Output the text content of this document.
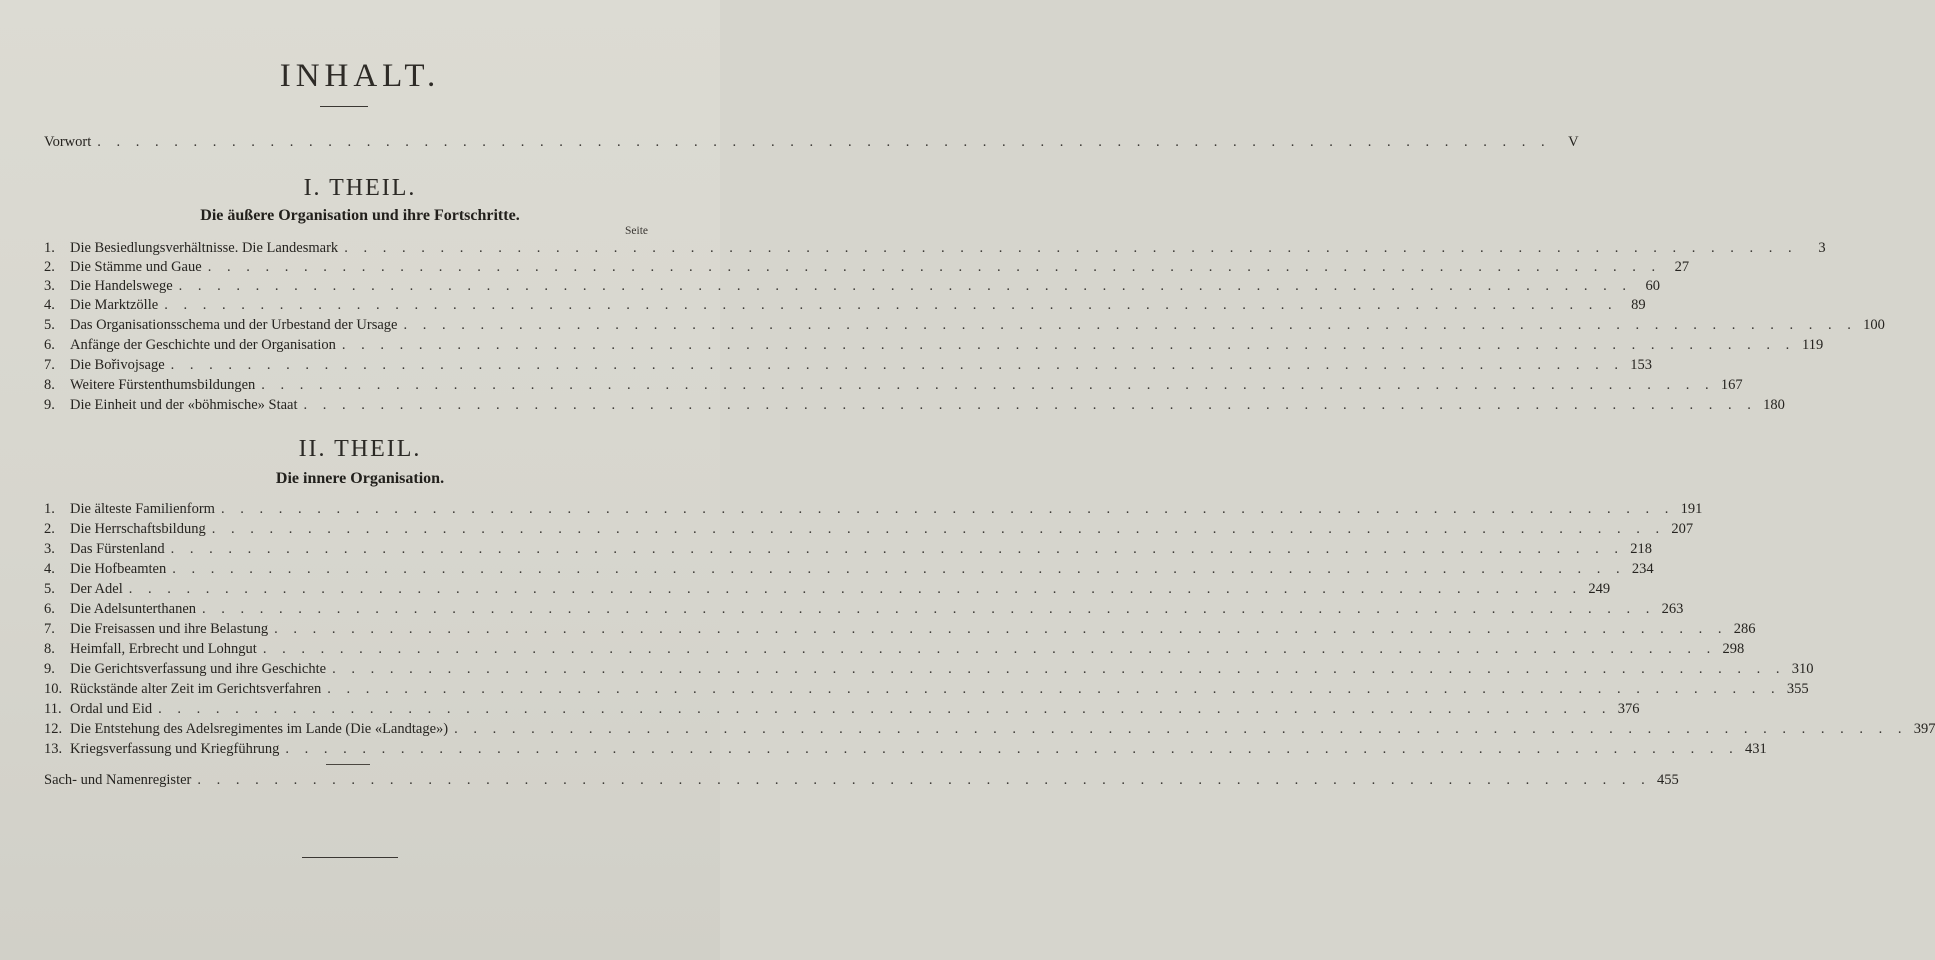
INHALT.
Vorwort . . . . . . . . . . . . . . . . . . . . . . . . . . . . . . . . . . . . . . . . . . . . . . . . . . . . . . . . . . . . . . . . . . . . . . . . . . . .	V
I. THEIL.
Die äußere Organisation und ihre Fortschritte.
Seite
1.	Die Besiedlungsverhältnisse. Die Landesmark . . . . . . . . . . . . . . . . . . . . . . . . . . . . . . . . . . . . . . . . . . . . . . . . . . . . . . . . . . . . . . . . . . . . . . . . . . . .	3
2.	Die Stämme und Gaue . . . . . . . . . . . . . . . . . . . . . . . . . . . . . . . . . . . . . . . . . . . . . . . . . . . . . . . . . . . . . . . . . . . . . . . . . . . . 27
3.	Die Handelswege . . . . . . . . . . . . . . . . . . . . . . . . . . . . . . . . . . . . . . . . . . . . . . . . . . . . . . . . . . . . . . . . . . . . . . . . . . . . 60
4.	Die Marktzölle . . . . . . . . . . . . . . . . . . . . . . . . . . . . . . . . . . . . . . . . . . . . . . . . . . . . . . . . . . . . . . . . . . . . . . . . . . . . 89
5.	Das Organisationsschema und der Urbestand der Ursage . . . . . . . . . . . . . . . . . . . . . . . . . . . . . . . . . . . . . . . . . . . . . . . . . . . . . . . . . . . . . . . . . . . . . . . . . . . . 100
6.	Anfänge der Geschichte und der Organisation . . . . . . . . . . . . . . . . . . . . . . . . . . . . . . . . . . . . . . . . . . . . . . . . . . . . . . . . . . . . . . . . . . . . . . . . . . . . 119
7.	Die Bořivojsage . . . . . . . . . . . . . . . . . . . . . . . . . . . . . . . . . . . . . . . . . . . . . . . . . . . . . . . . . . . . . . . . . . . . . . . . . . . . 153
8.	Weitere Fürstenthumsbildungen . . . . . . . . . . . . . . . . . . . . . . . . . . . . . . . . . . . . . . . . . . . . . . . . . . . . . . . . . . . . . . . . . . . . . . . . . . . . 167
9.	Die Einheit und der «böhmische» Staat . . . . . . . . . . . . . . . . . . . . . . . . . . . . . . . . . . . . . . . . . . . . . . . . . . . . . . . . . . . . . . . . . . . . . . . . . . . . 180
II. THEIL.
Die innere Organisation.
1.	Die älteste Familienform . . . . . . . . . . . . . . . . . . . . . . . . . . . . . . . . . . . . . . . . . . . . . . . . . . . . . . . . . . . . . . . . . . . . . . . . . . . . 191
2.	Die Herrschaftsbildung . . . . . . . . . . . . . . . . . . . . . . . . . . . . . . . . . . . . . . . . . . . . . . . . . . . . . . . . . . . . . . . . . . . . . . . . . . . . 207
3.	Das Fürstenland . . . . . . . . . . . . . . . . . . . . . . . . . . . . . . . . . . . . . . . . . . . . . . . . . . . . . . . . . . . . . . . . . . . . . . . . . . . . 218
4.	Die Hofbeamten . . . . . . . . . . . . . . . . . . . . . . . . . . . . . . . . . . . . . . . . . . . . . . . . . . . . . . . . . . . . . . . . . . . . . . . . . . . . 234
5.	Der Adel . . . . . . . . . . . . . . . . . . . . . . . . . . . . . . . . . . . . . . . . . . . . . . . . . . . . . . . . . . . . . . . . . . . . . . . . . . . . 249
6.	Die Adelsunterthanen . . . . . . . . . . . . . . . . . . . . . . . . . . . . . . . . . . . . . . . . . . . . . . . . . . . . . . . . . . . . . . . . . . . . . . . . . . . . 263
7.	Die Freisassen und ihre Belastung . . . . . . . . . . . . . . . . . . . . . . . . . . . . . . . . . . . . . . . . . . . . . . . . . . . . . . . . . . . . . . . . . . . . . . . . . . . . 286
8.	Heimfall, Erbrecht und Lohngut . . . . . . . . . . . . . . . . . . . . . . . . . . . . . . . . . . . . . . . . . . . . . . . . . . . . . . . . . . . . . . . . . . . . . . . . . . . . 298
9.	Die Gerichtsverfassung und ihre Geschichte . . . . . . . . . . . . . . . . . . . . . . . . . . . . . . . . . . . . . . . . . . . . . . . . . . . . . . . . . . . . . . . . . . . . . . . . . . . . 310
10. Rückstände alter Zeit im Gerichtsverfahren . . . . . . . . . . . . . . . . . . . . . . . . . . . . . . . . . . . . . . . . . . . . . . . . . . . . . . . . . . . . . . . . . . . . . . . . . . . . 355
11. Ordal und Eid . . . . . . . . . . . . . . . . . . . . . . . . . . . . . . . . . . . . . . . . . . . . . . . . . . . . . . . . . . . . . . . . . . . . . . . . . . . . 376
12. Die Entstehung des Adelsregimentes im Lande (Die «Landtage») . . . . . . . . . . . . . . . . . . . . . . . . . . . . . . . . . . . . . . . . . . . . . . . . . . . . . . . . . . . . . . . . . . . . . . . . . . . . 397
13. Kriegsverfassung und Kriegführung . . . . . . . . . . . . . . . . . . . . . . . . . . . . . . . . . . . . . . . . . . . . . . . . . . . . . . . . . . . . . . . . . . . . . . . . . . . . 431
Sach- und Namenregister . . . . . . . . . . . . . . . . . . . . . . . . . . . . . . . . . . . . . . . . . . . . . . . . . . . . . . . . . . . . . . . . . . . . . . . . . . . . 455
